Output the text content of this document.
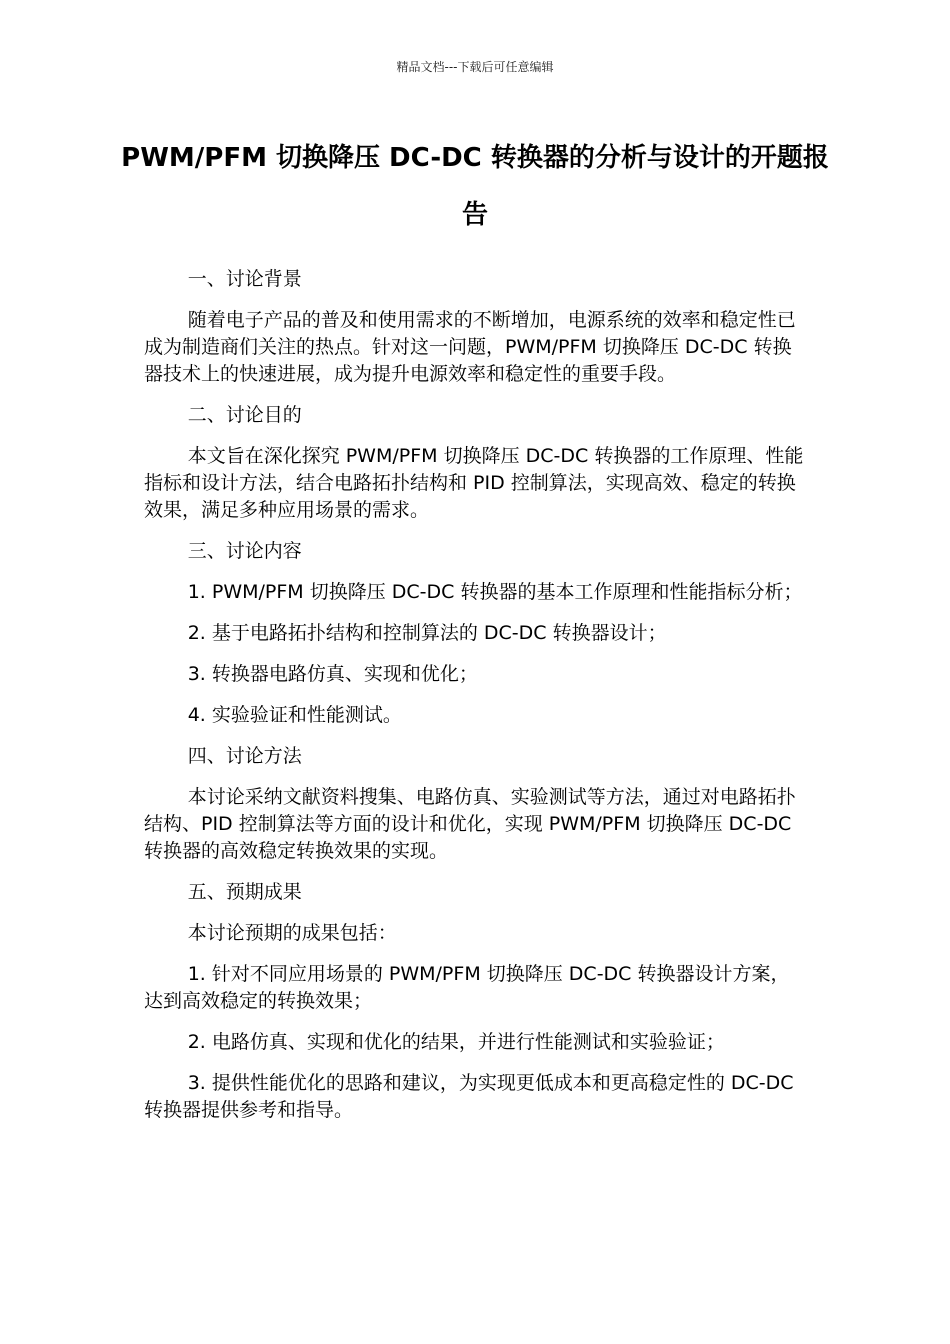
精品文档---下载后可任意编辑
PWM/PFM 切换降压 DC-DC 转换器的分析与设计的开题报告

一、讨论背景

随着电子产品的普及和使用需求的不断增加，电源系统的效率和稳定性已成为制造商们关注的热点。针对这一问题，PWM/PFM 切换降压 DC-DC 转换器技术上的快速进展，成为提升电源效率和稳定性的重要手段。

二、讨论目的

本文旨在深化探究 PWM/PFM 切换降压 DC-DC 转换器的工作原理、性能指标和设计方法，结合电路拓扑结构和 PID 控制算法，实现高效、稳定的转换效果，满足多种应用场景的需求。

三、讨论内容

1. PWM/PFM 切换降压 DC-DC 转换器的基本工作原理和性能指标分析；

2. 基于电路拓扑结构和控制算法的 DC-DC 转换器设计；

3. 转换器电路仿真、实现和优化；

4. 实验验证和性能测试。

四、讨论方法

本讨论采纳文献资料搜集、电路仿真、实验测试等方法，通过对电路拓扑结构、PID 控制算法等方面的设计和优化，实现 PWM/PFM 切换降压 DC-DC 转换器的高效稳定转换效果的实现。

五、预期成果

本讨论预期的成果包括：

1. 针对不同应用场景的 PWM/PFM 切换降压 DC-DC 转换器设计方案，达到高效稳定的转换效果；

2. 电路仿真、实现和优化的结果，并进行性能测试和实验验证；

3. 提供性能优化的思路和建议，为实现更低成本和更高稳定性的 DC-DC 转换器提供参考和指导。
